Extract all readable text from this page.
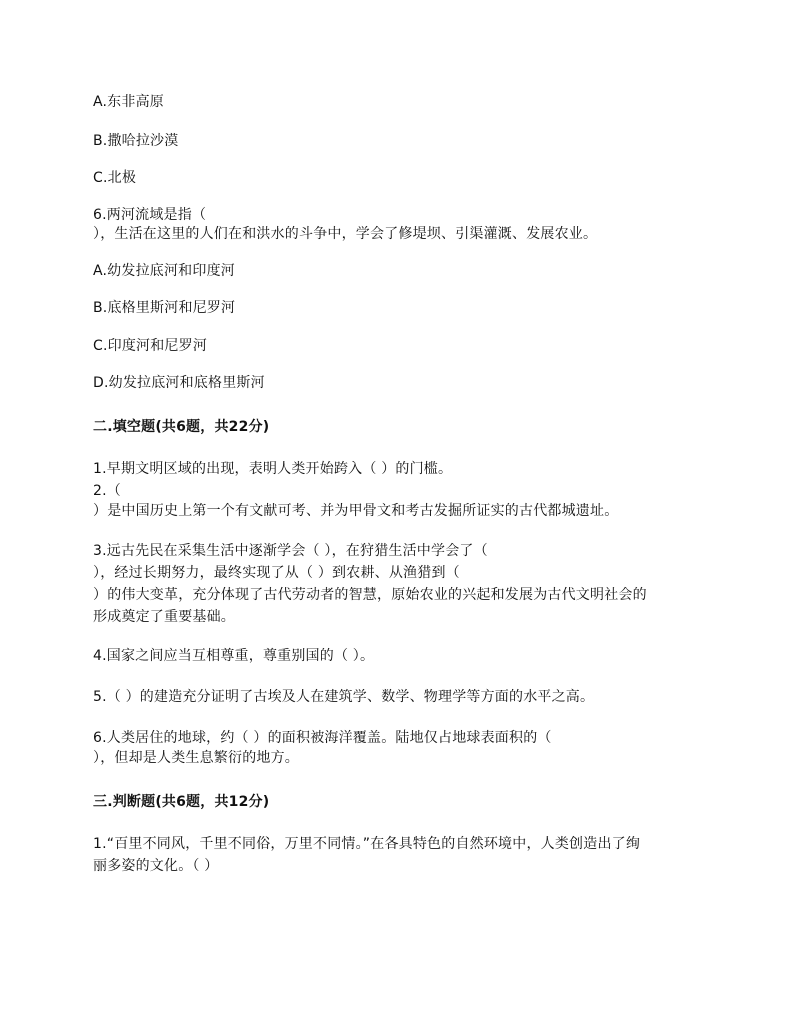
A.东非高原
B.撒哈拉沙漠
C.北极
6.两河流域是指（
），生活在这里的人们在和洪水的斗争中，学会了修堤坝、引渠灌溉、发展农业。
A.幼发拉底河和印度河
B.底格里斯河和尼罗河
C.印度河和尼罗河
D.幼发拉底河和底格里斯河
二.填空题(共6题，共22分)
1.早期文明区域的出现，表明人类开始跨入（ ）的门槛。
2.（
）是中国历史上第一个有文献可考、并为甲骨文和考古发掘所证实的古代都城遗址。
3.远古先民在采集生活中逐渐学会（ ），在狩猎生活中学会了（
），经过长期努力，最终实现了从（ ）到农耕、从渔猎到（
）的伟大变革，充分体现了古代劳动者的智慧，原始农业的兴起和发展为古代文明社会的
形成奠定了重要基础。
4.国家之间应当互相尊重，尊重别国的（ ）。
5.（ ）的建造充分证明了古埃及人在建筑学、数学、物理学等方面的水平之高。
6.人类居住的地球，约（ ）的面积被海洋覆盖。陆地仅占地球表面积的（
），但却是人类生息繁衍的地方。
三.判断题(共6题，共12分)
1.“百里不同风，千里不同俗，万里不同情。”在各具特色的自然环境中，人类创造出了绚
丽多姿的文化。（ ）
